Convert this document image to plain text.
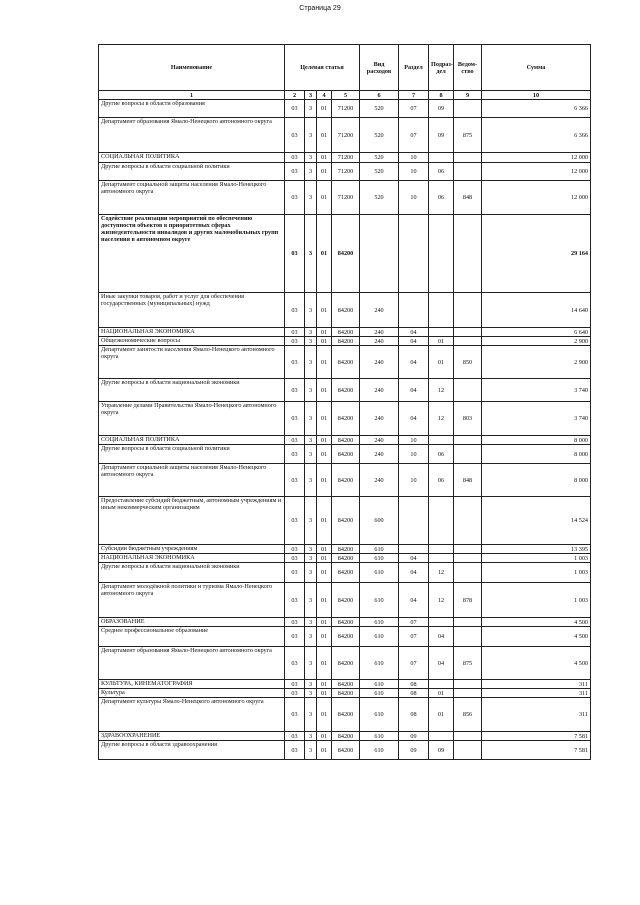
Страница 29
Наименование	Целевая статья				Вид расходов	Раздел	Подраз-дел	Ведом-ство	Сумма
1	2	3	4	5	6	7	8	9	10
Другие вопросы в области образования	03	3	01	71200	520	07	09		6 366
Департамент образования Ямало-Ненецкого автономного округа	03	3	01	71200	520	07	09	875	6 366
СОЦИАЛЬНАЯ ПОЛИТИКА	03	3	01	71200	520	10			12 000
Другие вопросы в области социальной политики	03	3	01	71200	520	10	06		12 000
Департамент социальной защиты населения Ямало-Ненецкого автономного округа	03	3	01	71200	520	10	06	848	12 000
Содействие реализации мероприятий по обеспечению доступности объектов в приоритетных сферах жизнедеятельности инвалидов и других маломобильных групп населения в автономном округе	03	3	01	84200					29 164
Иные закупки товаров, работ и услуг для обеспечения государственных (муниципальных) нужд	03	3	01	84200	240				14 640
НАЦИОНАЛЬНАЯ ЭКОНОМИКА	03	3	01	84200	240	04			6 640
Общеэкономические вопросы	03	3	01	84200	240	04	01		2 900
Департамент занятости населения Ямало-Ненецкого автономного округа	03	3	01	84200	240	04	01	850	2 900
Другие вопросы в области национальной экономики	03	3	01	84200	240	04	12		3 740
Управление делами Правительства Ямало-Ненецкого автономного округа	03	3	01	84200	240	04	12	803	3 740
СОЦИАЛЬНАЯ ПОЛИТИКА	03	3	01	84200	240	10			8 000
Другие вопросы в области социальной политики	03	3	01	84200	240	10	06		8 000
Департамент социальной защиты населения Ямало-Ненецкого автономного округа	03	3	01	84200	240	10	06	848	8 000
Предоставление субсидий бюджетным, автономным учреждениям и иным некоммерческим организациям	03	3	01	84200	600				14 524
Субсидии бюджетным учреждениям	03	3	01	84200	610				13 395
НАЦИОНАЛЬНАЯ ЭКОНОМИКА	03	3	01	84200	610	04			1 003
Другие вопросы в области национальной экономики	03	3	01	84200	610	04	12		1 003
Департамент молодёжной политики и туризма Ямало-Ненецкого автономного округа	03	3	01	84200	610	04	12	878	1 003
ОБРАЗОВАНИЕ	03	3	01	84200	610	07			4 500
Среднее профессиональное образование	03	3	01	84200	610	07	04		4 500
Департамент образования Ямало-Ненецкого автономного округа	03	3	01	84200	610	07	04	875	4 500
КУЛЬТУРА, КИНЕМАТОГРАФИЯ	03	3	01	84200	610	08			311
Культура	03	3	01	84200	610	08	01		311
Департамент культуры Ямало-Ненецкого автономного округа	03	3	01	84200	610	08	01	856	311
ЗДРАВООХРАНЕНИЕ	03	3	01	84200	610	09			7 581
Другие вопросы в области здравоохранения	03	3	01	84200	610	09	09		7 581
